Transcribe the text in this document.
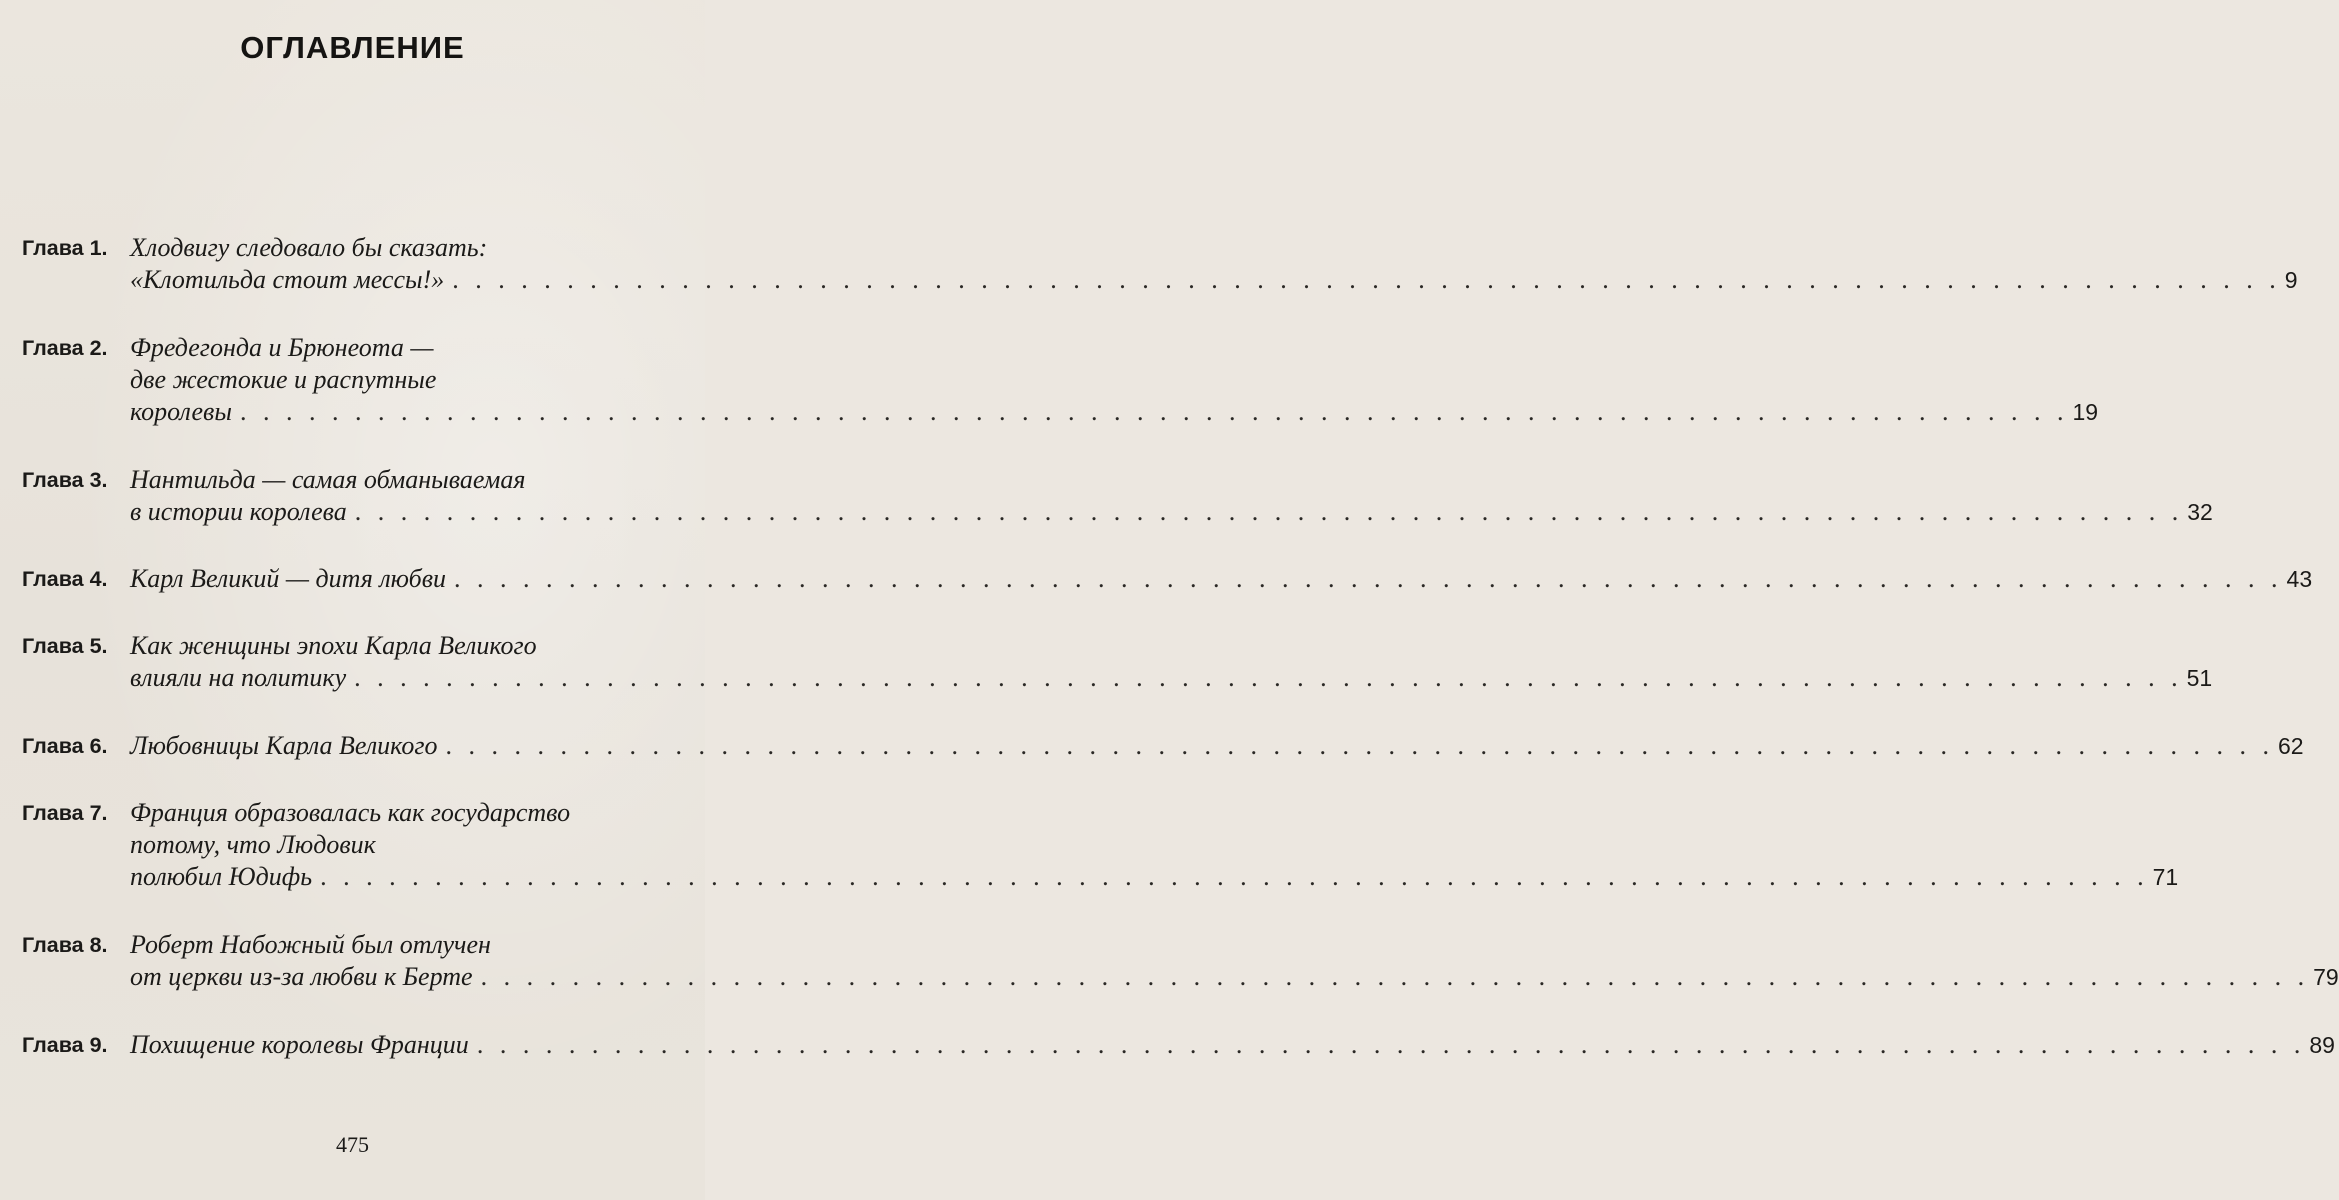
ОГЛАВЛЕНИЕ
Глава 1. Хлодвигу следовало бы сказать:
«Клотильда стоит мессы!» . . .	9
Глава 2. Фредегонда и Брюнеота —
две жестокие и распутные
королевы . . .	19
Глава 3. Нантильда — самая обманываемая
в истории королева . . .	32
Глава 4. Карл Великий — дитя любви . . .	43
Глава 5. Как женщины эпохи Карла Великого
влияли на политику . . .	51
Глава 6. Любовницы Карла Великого . . .	62
Глава 7. Франция образовалась как государство
потому, что Людовик
полюбил Юдифь . . .	71
Глава 8. Роберт Набожный был отлучен
от церкви из-за любви к Берте . . .	79
Глава 9. Похищение королевы Франции . . .	89
475
